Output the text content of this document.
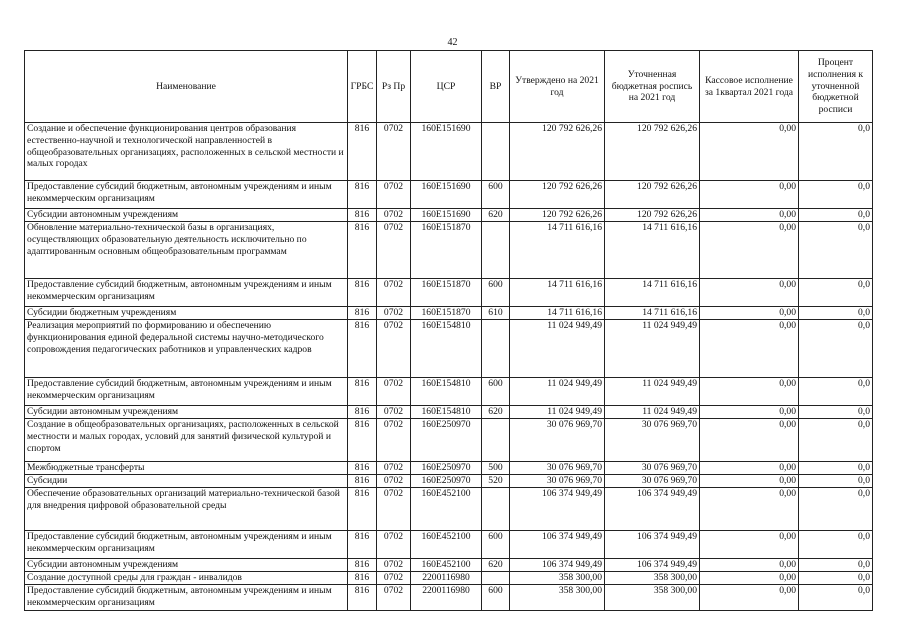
42
Наименование	ГРБС	Рз Пр	ЦСР	ВР	Утверждено на 2021 год	Уточненная бюджетная роспись на 2021 год	Кассовое исполнение за 1квартал 2021 года	Процент исполнения к уточненной бюджетной росписи
Создание и обеспечение функционирования центров образования естественно-научной и технологической направленностей в общеобразовательных организациях, расположенных в сельской местности и малых городах	816	0702	160E151690		120 792 626,26	120 792 626,26	0,00	0,0
Предоставление субсидий бюджетным, автономным учреждениям и иным некоммерческим организациям	816	0702	160E151690	600	120 792 626,26	120 792 626,26	0,00	0,0
Субсидии автономным учреждениям	816	0702	160E151690	620	120 792 626,26	120 792 626,26	0,00	0,0
Обновление материально-технической базы в организациях, осуществляющих образовательную деятельность исключительно по адаптированным основным общеобразовательным программам	816	0702	160E151870		14 711 616,16	14 711 616,16	0,00	0,0
Предоставление субсидий бюджетным, автономным учреждениям и иным некоммерческим организациям	816	0702	160E151870	600	14 711 616,16	14 711 616,16	0,00	0,0
Субсидии бюджетным учреждениям	816	0702	160E151870	610	14 711 616,16	14 711 616,16	0,00	0,0
Реализация мероприятий по формированию и обеспечению функционирования единой федеральной системы научно-методического сопровождения педагогических работников и управленческих кадров	816	0702	160E154810		11 024 949,49	11 024 949,49	0,00	0,0
Предоставление субсидий бюджетным, автономным учреждениям и иным некоммерческим организациям	816	0702	160E154810	600	11 024 949,49	11 024 949,49	0,00	0,0
Субсидии автономным учреждениям	816	0702	160E154810	620	11 024 949,49	11 024 949,49	0,00	0,0
Создание в общеобразовательных организациях, расположенных в сельской местности и малых городах, условий для занятий физической культурой и спортом	816	0702	160E250970		30 076 969,70	30 076 969,70	0,00	0,0
Межбюджетные трансферты	816	0702	160E250970	500	30 076 969,70	30 076 969,70	0,00	0,0
Субсидии	816	0702	160E250970	520	30 076 969,70	30 076 969,70	0,00	0,0
Обеспечение образовательных организаций материально-технической базой для внедрения цифровой образовательной среды	816	0702	160E452100		106 374 949,49	106 374 949,49	0,00	0,0
Предоставление субсидий бюджетным, автономным учреждениям и иным некоммерческим организациям	816	0702	160E452100	600	106 374 949,49	106 374 949,49	0,00	0,0
Субсидии автономным учреждениям	816	0702	160E452100	620	106 374 949,49	106 374 949,49	0,00	0,0
Создание доступной среды для граждан - инвалидов	816	0702	2200116980		358 300,00	358 300,00	0,00	0,0
Предоставление субсидий бюджетным, автономным учреждениям и иным некоммерческим организациям	816	0702	2200116980	600	358 300,00	358 300,00	0,00	0,0
